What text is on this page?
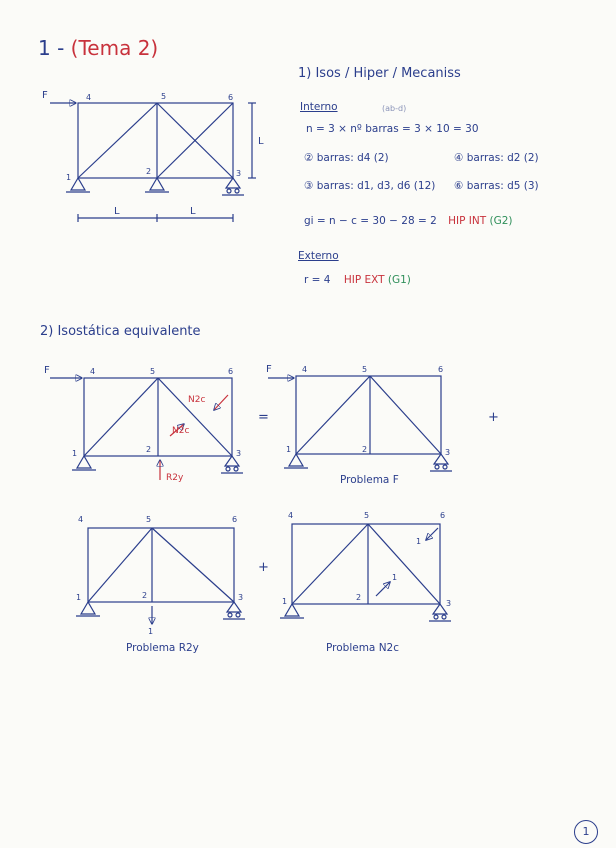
1 - (Tema 2)
1) Isos / Hiper / Mecaniss
Interno	(ab-d)
n = 3 × nº barras = 3 × 10 = 30
② barras: d4 (2)	④ barras: d2 (2)
③ barras: d1, d3, d6 (12) ⑥ barras: d5 (3)
gi = n − c = 30 − 28 = 2 HIP INT (G2)
Externo
r = 4 HIP EXT (G1)
2) Isostática equivalente
=	+
+
Problema F
Problema R2y	Problema N2c
1
2	3
4	5	6
1	2	3
4	5	6
1	2	3
4	5	6
1	2	3
4	5	6
1	2
3
4	5	6
L
L	L
F
F	F
N2c
N2c
R2y
1
1
1
1
